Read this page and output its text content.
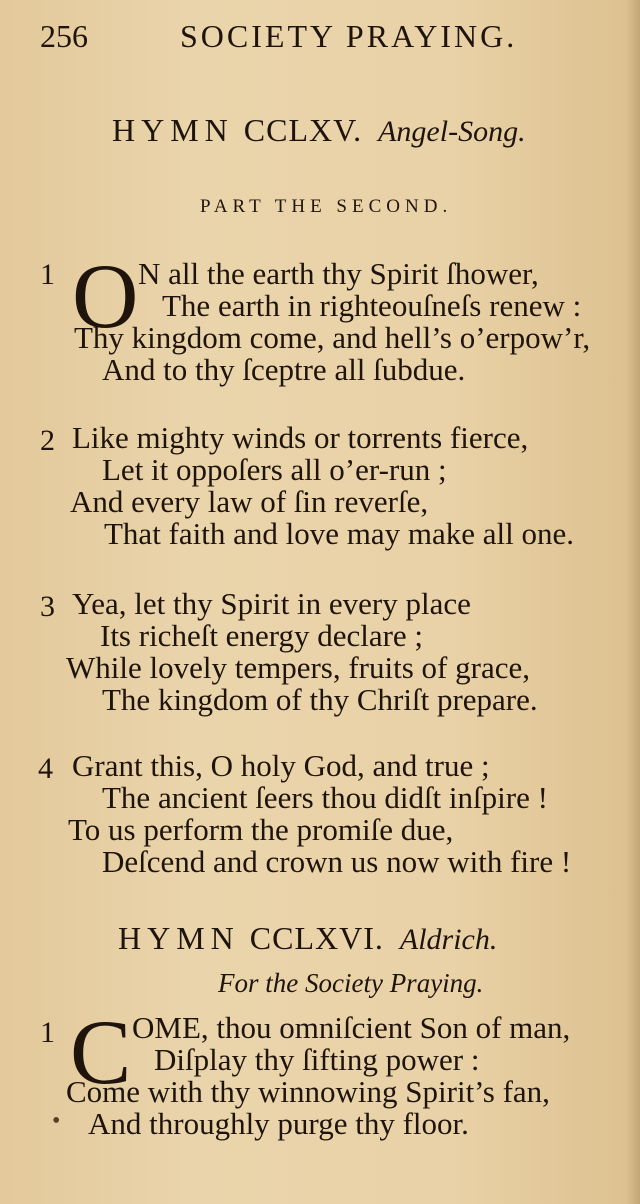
256	SOCIETY PRAYING.
HYMN CCLXV. Angel-Song.
PART THE SECOND.
1 O N all the earth thy Spirit ſhower,
The earth in righteouſneſs renew :
Thy kingdom come, and hell’s o’erpow’r,
And to thy ſceptre all ſubdue.
2 Like mighty winds or torrents fierce,
Let it oppoſers all o’er-run ;
And every law of ſin reverſe,
That faith and love may make all one.
3 Yea, let thy Spirit in every place
Its richeſt energy declare ;
While lovely tempers, fruits of grace,
The kingdom of thy Chriſt prepare.
4 Grant this, O holy God, and true ;
The ancient ſeers thou didſt inſpire !
To us perform the promiſe due,
Deſcend and crown us now with fire !
HYMN CCLXVI. Aldrich.
For the Society Praying.
1 C OME, thou omniſcient Son of man,
Diſplay thy ſifting power :
Come with thy winnowing Spirit’s fan,
And throughly purge thy floor.
•
